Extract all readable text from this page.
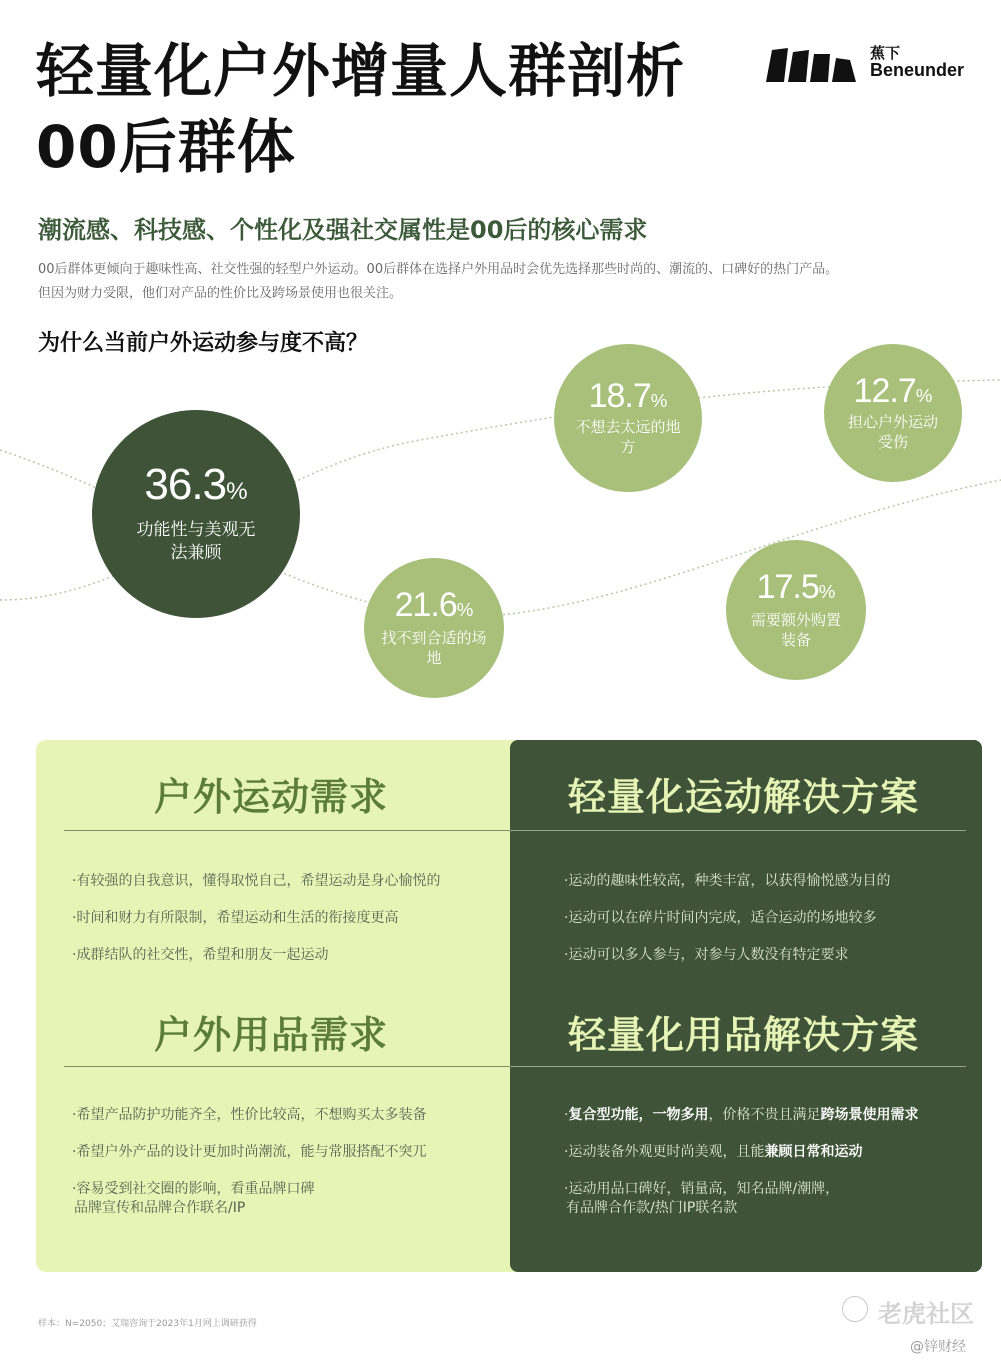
轻量化户外增量人群剖析
00后群体
蕉下
Beneunder
潮流感、科技感、个性化及强社交属性是00后的核心需求

00后群体更倾向于趣味性高、社交性强的轻型户外运动。00后群体在选择户外用品时会优先选择那些时尚的、潮流的、口碑好的热门产品。

但因为财力受限，他们对产品的性价比及跨场景使用也很关注。

为什么当前户外运动参与度不高？
36.3%
功能性与美观无法兼顾
21.6%
找不到合适的场地
18.7%
不想去太远的地方
17.5%
需要额外购置装备
12.7%
担心户外运动受伤
户外运动需求
·有较强的自我意识，懂得取悦自己，希望运动是身心愉悦的
·时间和财力有所限制，希望运动和生活的衔接度更高
·成群结队的社交性，希望和朋友一起运动
户外用品需求
·希望产品防护功能齐全，性价比较高，不想购买太多装备
·希望户外产品的设计更加时尚潮流，能与常服搭配不突兀
·容易受到社交圈的影响，看重品牌口碑
品牌宣传和品牌合作联名/IP
轻量化运动解决方案
·运动的趣味性较高，种类丰富，以获得愉悦感为目的
·运动可以在碎片时间内完成，适合运动的场地较多
·运动可以多人参与，对参与人数没有特定要求
轻量化用品解决方案
·复合型功能，一物多用，价格不贵且满足跨场景使用需求
·运动装备外观更时尚美观，且能兼顾日常和运动
·运动用品口碑好，销量高，知名品牌/潮牌，
有品牌合作款/热门IP联名款
样本：N=2050；艾瑞咨询于2023年1月网上调研获得	老虎社区
@锌财经
